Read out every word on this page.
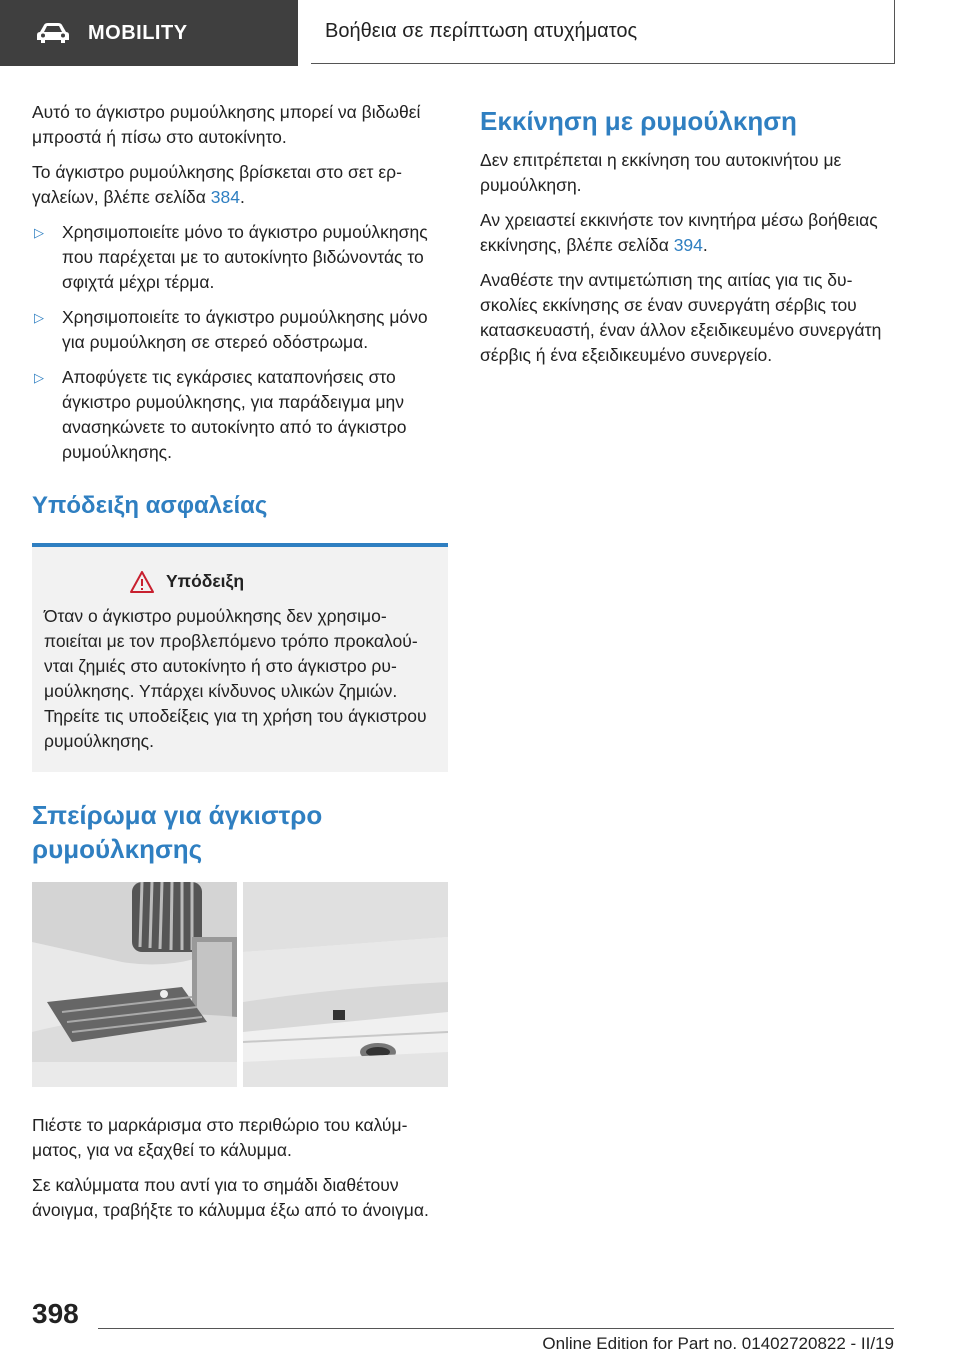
MOBILITY	Βοήθεια σε περίπτωση ατυχήματος

Αυτό το άγκιστρο ρυμούλκησης μπορεί να βιδωθεί μπροστά ή πίσω στο αυτοκίνητο.

Το άγκιστρο ρυμούλκησης βρίσκεται στο σετ εργαλείων, βλέπε σελίδα 384.

▷ Χρησιμοποιείτε μόνο το άγκιστρο ρυμούλκησης που παρέχεται με το αυτοκίνητο βιδώνοντάς το σφιχτά μέχρι τέρμα.
▷ Χρησιμοποιείτε το άγκιστρο ρυμούλκησης μόνο για ρυμούλκηση σε στερεό οδόστρωμα.
▷ Αποφύγετε τις εγκάρσιες καταπονήσεις στο άγκιστρο ρυμούλκησης, για παράδειγμα μην ανασηκώνετε το αυτοκίνητο από το άγκιστρο ρυμούλκησης.
Υπόδειξη ασφαλείας
Υπόδειξη

Όταν ο άγκιστρο ρυμούλκησης δεν χρησιμοποιείται με τον προβλεπόμενο τρόπο προκαλούνται ζημιές στο αυτοκίνητο ή στο άγκιστρο ρυμούλκησης. Υπάρχει κίνδυνος υλικών ζημιών. Τηρείτε τις υποδείξεις για τη χρήση του άγκιστρου ρυμούλκησης.

Σπείρωμα για άγκιστρο ρυμούλκησης

Πιέστε το μαρκάρισμα στο περιθώριο του καλύμματος, για να εξαχθεί το κάλυμμα.

Σε καλύμματα που αντί για το σημάδι διαθέτουν άνοιγμα, τραβήξτε το κάλυμμα έξω από το άνοιγμα.

Εκκίνηση με ρυμούλκηση

Δεν επιτρέπεται η εκκίνηση του αυτοκινήτου με ρυμούλκηση.

Αν χρειαστεί εκκινήστε τον κινητήρα μέσω βοήθειας εκκίνησης, βλέπε σελίδα 394.

Αναθέστε την αντιμετώπιση της αιτίας για τις δυσκολίες εκκίνησης σε έναν συνεργάτη σέρβις του κατασκευαστή, έναν άλλον εξειδικευμένο συνεργάτη σέρβις ή ένα εξειδικευμένο συνεργείο.

398
Online Edition for Part no. 01402720822 - II/19
